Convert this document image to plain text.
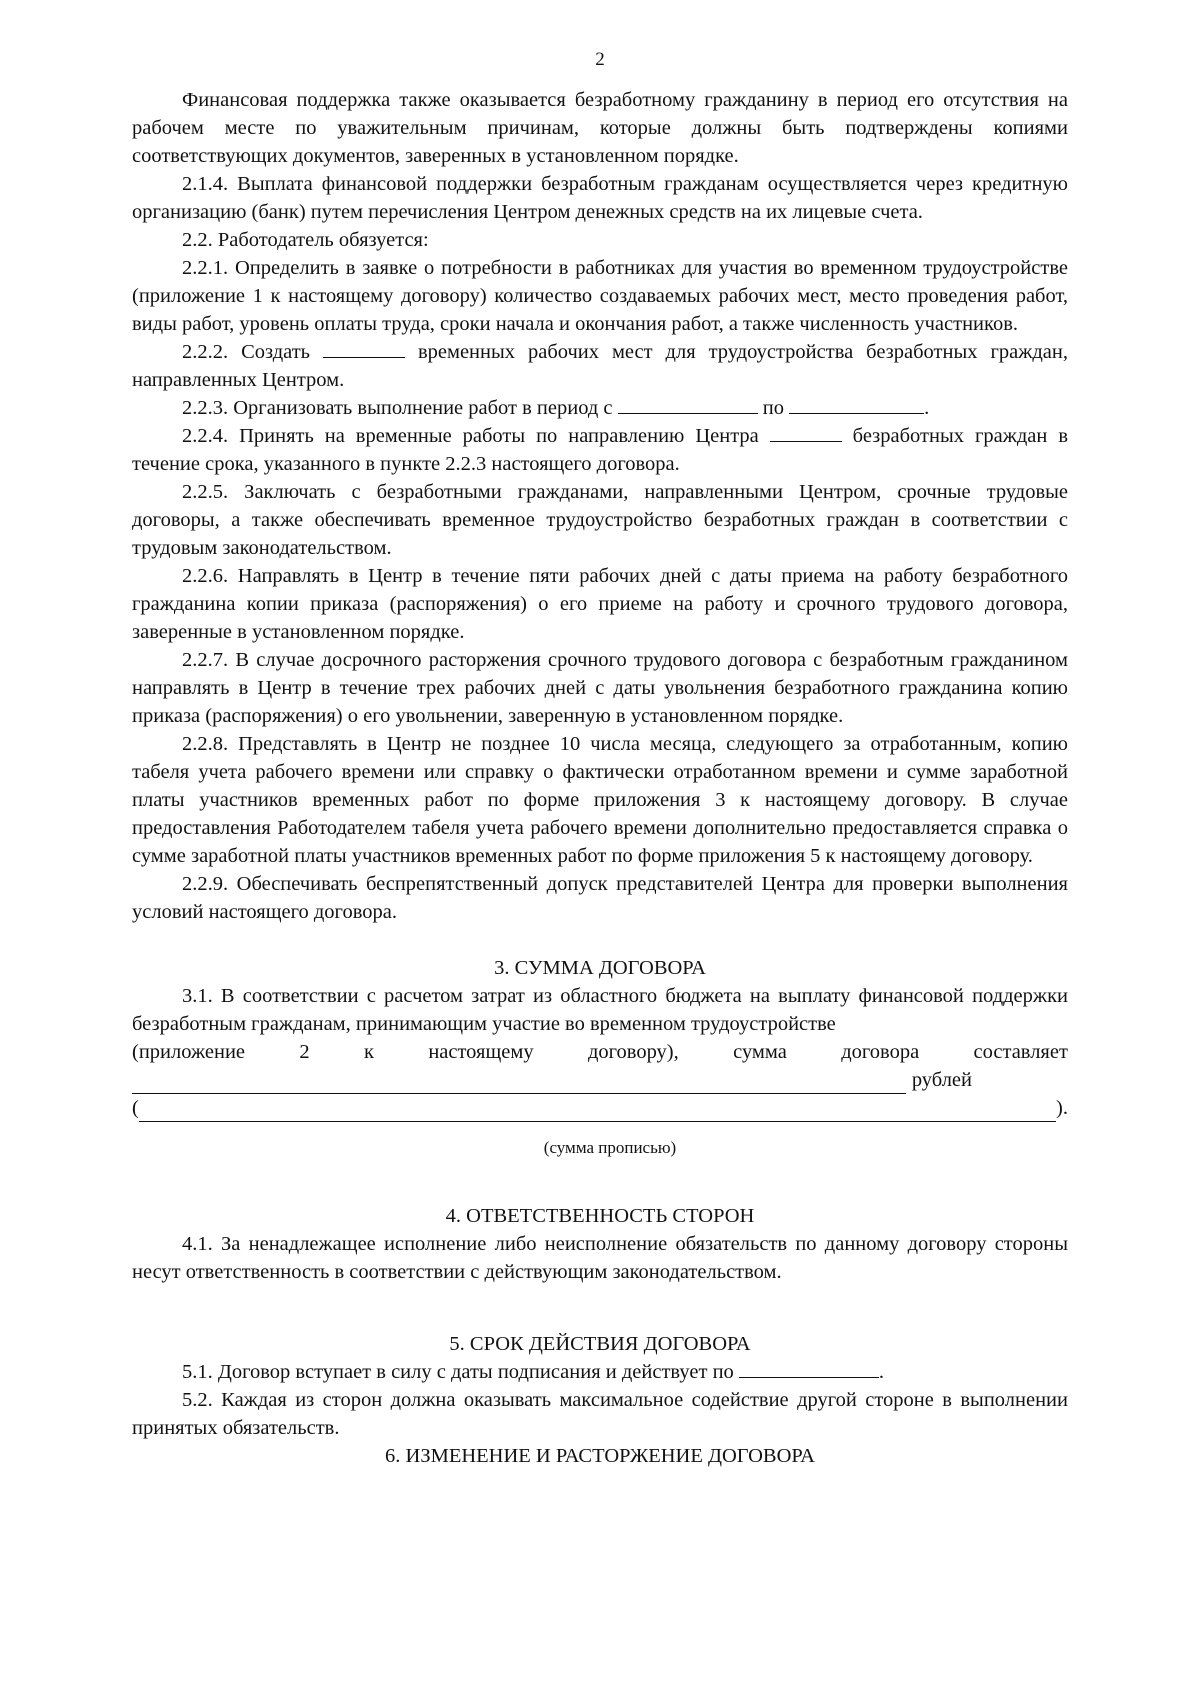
2

Финансовая поддержка также оказывается безработному гражданину в период его отсутствия на рабочем месте по уважительным причинам, которые должны быть подтверждены копиями соответствующих документов, заверенных в установленном порядке.

2.1.4. Выплата финансовой поддержки безработным гражданам осуществляется через кредитную организацию (банк) путем перечисления Центром денежных средств на их лицевые счета.

2.2. Работодатель обязуется:

2.2.1. Определить в заявке о потребности в работниках для участия во временном трудоустройстве (приложение 1 к настоящему договору) количество создаваемых рабочих мест, место проведения работ, виды работ, уровень оплаты труда, сроки начала и окончания работ, а также численность участников.

2.2.2. Создать	временных рабочих мест для трудоустройства безработных граждан, направленных Центром.

2.2.3. Организовать выполнение работ в период с	по	.

2.2.4. Принять на временные работы по направлению Центра	безработных граждан в течение срока, указанного в пункте 2.2.3 настоящего договора.

2.2.5. Заключать с безработными гражданами, направленными Центром, срочные трудовые договоры, а также обеспечивать временное трудоустройство безработных граждан в соответствии с трудовым законодательством.

2.2.6. Направлять в Центр в течение пяти рабочих дней с даты приема на работу безработного гражданина копии приказа (распоряжения) о его приеме на работу и срочного трудового договора, заверенные в установленном порядке.

2.2.7. В случае досрочного расторжения срочного трудового договора с безработным гражданином направлять в Центр в течение трех рабочих дней с даты увольнения безработного гражданина копию приказа (распоряжения) о его увольнении, заверенную в установленном порядке.

2.2.8. Представлять в Центр не позднее 10 числа месяца, следующего за отработанным, копию табеля учета рабочего времени или справку о фактически отработанном времени и сумме заработной платы участников временных работ по форме приложения 3 к настоящему договору. В случае предоставления Работодателем табеля учета рабочего времени дополнительно предоставляется справка о сумме заработной платы участников временных работ по форме приложения 5 к настоящему договору.

2.2.9. Обеспечивать беспрепятственный допуск представителей Центра для проверки выполнения условий настоящего договора.

3. СУММА ДОГОВОРА

3.1. В соответствии с расчетом затрат из областного бюджета на выплату финансовой поддержки безработным гражданам, принимающим участие во временном трудоустройстве

(приложение	2	к	настоящему	договору),	сумма	договора	составляет
рублей
(	).
(сумма прописью)
4. ОТВЕТСТВЕННОСТЬ СТОРОН

4.1. За ненадлежащее исполнение либо неисполнение обязательств по данному договору стороны несут ответственность в соответствии с действующим законодательством.

5. СРОК ДЕЙСТВИЯ ДОГОВОРА

5.1. Договор вступает в силу с даты подписания и действует по	.

5.2. Каждая из сторон должна оказывать максимальное содействие другой стороне в выполнении принятых обязательств.

6. ИЗМЕНЕНИЕ И РАСТОРЖЕНИЕ ДОГОВОРА
